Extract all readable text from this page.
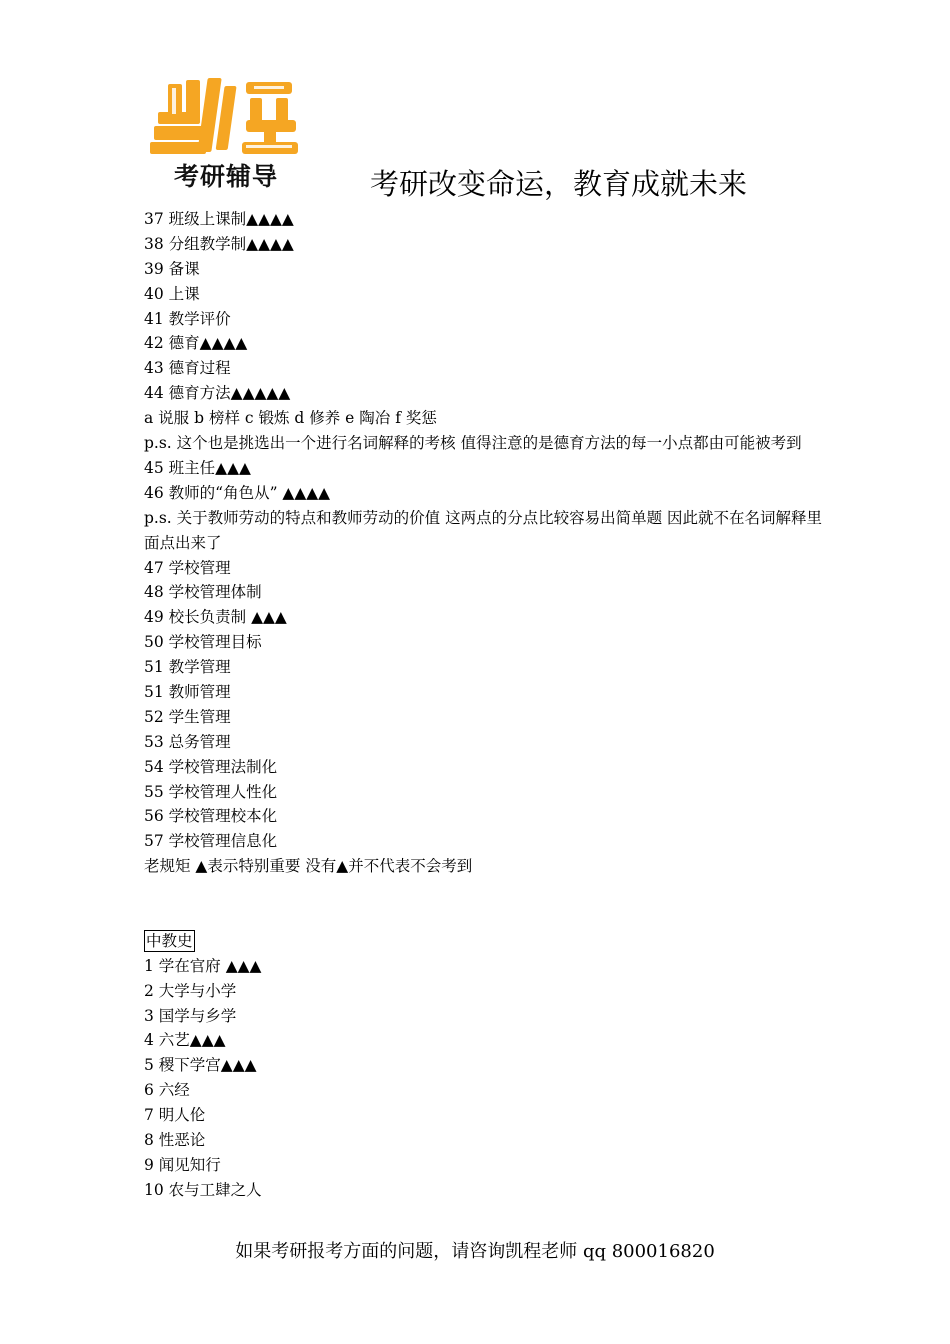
考研辅导	考研改变命运，教育成就未来
37 班级上课制▲▲▲▲
38 分组教学制▲▲▲▲
39 备课
40 上课
41 教学评价
42 德育▲▲▲▲
43 德育过程
44 德育方法▲▲▲▲▲
a 说服 b 榜样 c 锻炼 d 修养 e 陶冶 f 奖惩
p.s. 这个也是挑选出一个进行名词解释的考核 值得注意的是德育方法的每一小点都由可能被考到
45 班主任▲▲▲
46 教师的“角色从” ▲▲▲▲
p.s. 关于教师劳动的特点和教师劳动的价值 这两点的分点比较容易出简单题 因此就不在名词解释里面点出来了
47 学校管理
48 学校管理体制
49 校长负责制 ▲▲▲
50 学校管理目标
51 教学管理
51 教师管理
52 学生管理
53 总务管理
54 学校管理法制化
55 学校管理人性化
56 学校管理校本化
57 学校管理信息化
老规矩 ▲表示特别重要 没有▲并不代表不会考到
中教史
1 学在官府 ▲▲▲
2 大学与小学
3 国学与乡学
4 六艺▲▲▲
5 稷下学宫▲▲▲
6 六经
7 明人伦
8 性恶论
9 闻见知行
10 农与工肆之人
如果考研报考方面的问题，请咨询凯程老师 qq 800016820
